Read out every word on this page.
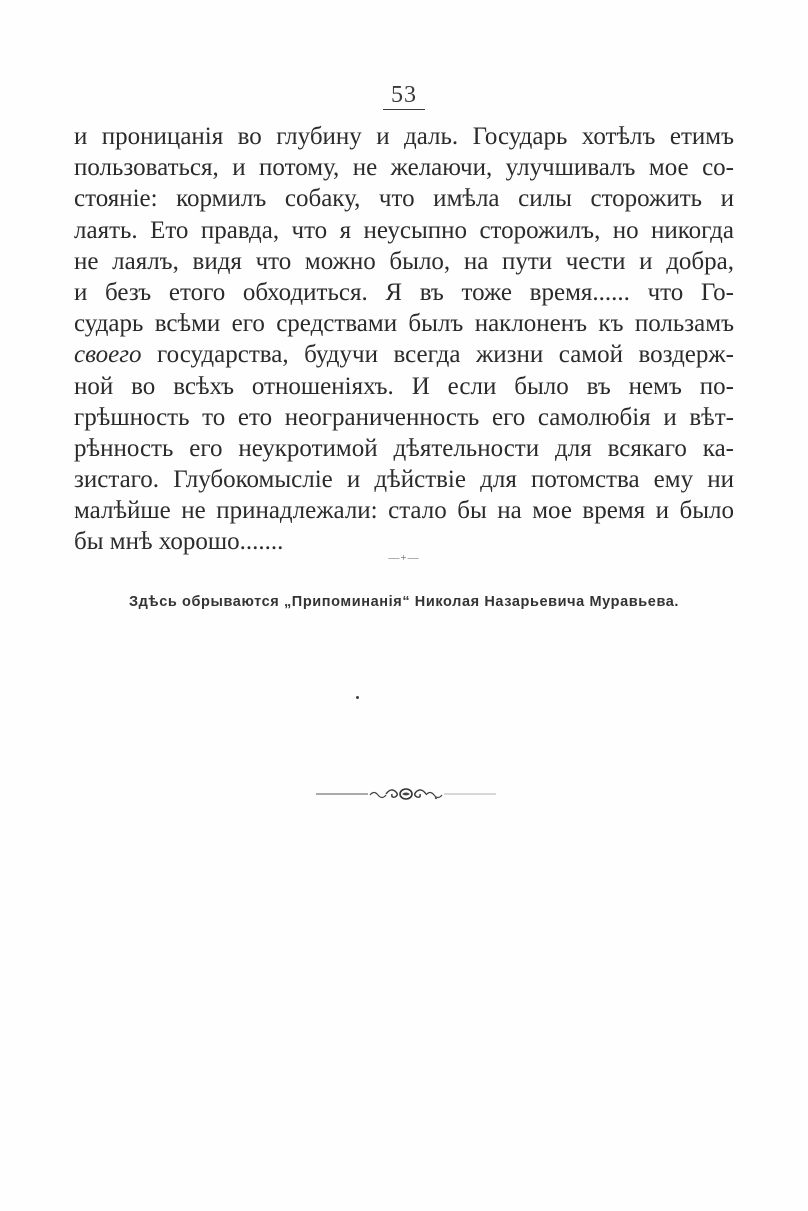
53
и проницанія во глубину и даль. Государь хотѣлъ етимъ
пользоваться, и потому, не желаючи, улучшивалъ мое со-
стояніе: кормилъ собаку, что имѣла силы сторожить и
лаять. Ето правда, что я неусыпно сторожилъ, но никогда
не лаялъ, видя что можно было, на пути чести и добра,
и безъ етого обходиться. Я въ тоже время...... что Го-
сударь всѣми его средствами былъ наклоненъ къ пользамъ
своего государства, будучи всегда жизни самой воздерж-
ной во всѣхъ отношеніяхъ. И если было въ немъ по-
грѣшность то ето неограниченность его самолюбія и вѣт-
рѣнность его неукротимой дѣятельности для всякаго ка-
зистаго. Глубокомысліе и дѣйствіе для потомства ему ни
малѣйше не принадлежали: стало бы на мое время и было
бы мнѣ хорошо.......
—+—
Здѣсь обрываются „Припоминанія“ Николая Назарьевича Муравьева.
